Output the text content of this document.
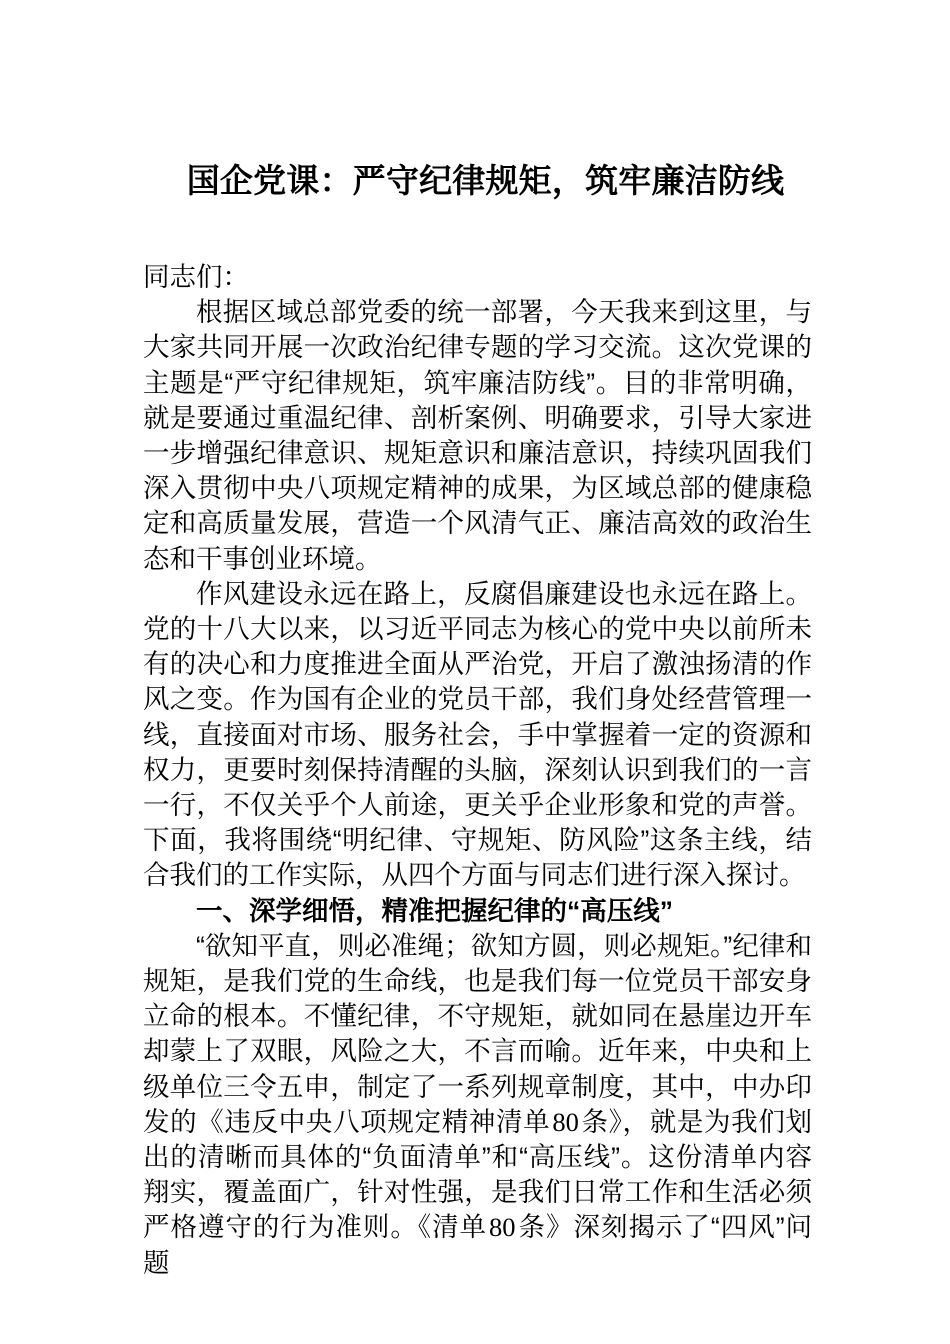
国企党课：严守纪律规矩，筑牢廉洁防线

同志们：

根据区域总部党委的统一部署，今天我来到这里，与大家共同开展一次政治纪律专题的学习交流。这次党课的主题是“严守纪律规矩，筑牢廉洁防线”。目的非常明确，就是要通过重温纪律、剖析案例、明确要求，引导大家进一步增强纪律意识、规矩意识和廉洁意识，持续巩固我们深入贯彻中央八项规定精神的成果，为区域总部的健康稳定和高质量发展，营造一个风清气正、廉洁高效的政治生态和干事创业环境。

作风建设永远在路上，反腐倡廉建设也永远在路上。党的十八大以来，以习近平同志为核心的党中央以前所未有的决心和力度推进全面从严治党，开启了激浊扬清的作风之变。作为国有企业的党员干部，我们身处经营管理一线，直接面对市场、服务社会，手中掌握着一定的资源和权力，更要时刻保持清醒的头脑，深刻认识到我们的一言一行，不仅关乎个人前途，更关乎企业形象和党的声誉。下面，我将围绕“明纪律、守规矩、防风险”这条主线，结合我们的工作实际，从四个方面与同志们进行深入探讨。

一、深学细悟，精准把握纪律的“高压线”

“欲知平直，则必准绳；欲知方圆，则必规矩。”纪律和规矩，是我们党的生命线，也是我们每一位党员干部安身立命的根本。不懂纪律，不守规矩，就如同在悬崖边开车却蒙上了双眼，风险之大，不言而喻。近年来，中央和上级单位三令五申，制定了一系列规章制度，其中，中办印发的《违反中央八项规定精神清单80条》，就是为我们划出的清晰而具体的“负面清单”和“高压线”。这份清单内容翔实，覆盖面广，针对性强，是我们日常工作和生活必须严格遵守的行为准则。《清单80条》深刻揭示了“四风”问题
